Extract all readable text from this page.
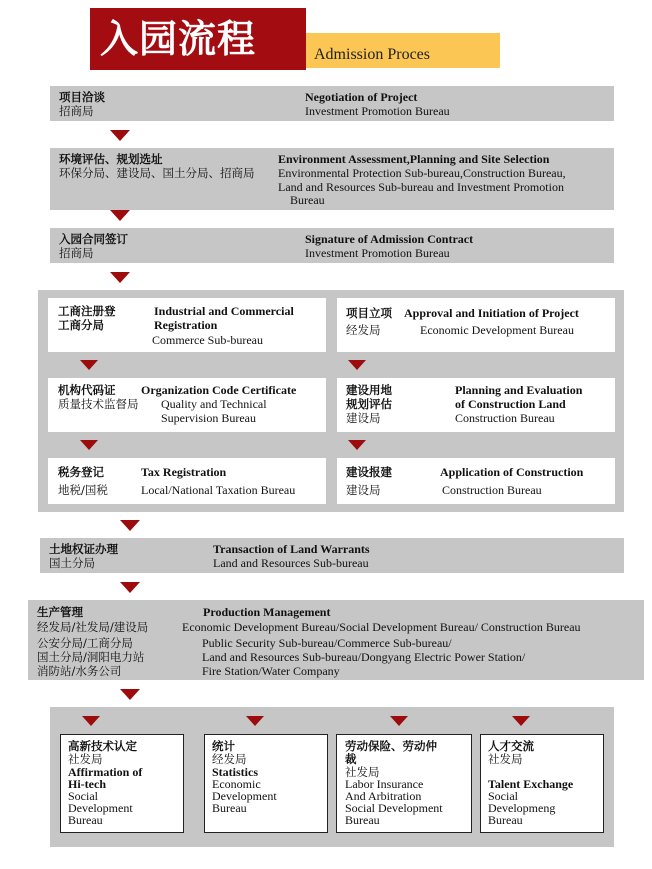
入园流程	Admission Proces
项目洽谈
招商局
Negotiation of Project
Investment Promotion Bureau
环境评估、规划选址
环保分局、建设局、国土分局、招商局
Environment Assessment,Planning and Site Selection
Environmental Protection Sub-bureau,Construction Bureau,
Land and Resources Sub-bureau and Investment Promotion
Bureau
入园合同签订
招商局
Signature of Admission Contract
Investment Promotion Bureau
工商注册登
工商分局
Industrial and Commercial
Registration
Commerce Sub-bureau
项目立项
经发局
Approval and Initiation of Project
Economic Development Bureau
机构代码证
质量技术监督局
Organization Code Certificate
Quality and Technical
Supervision Bureau
建设用地
规划评估
建设局
Planning and Evaluation
of Construction Land
Construction Bureau
税务登记
地税/国税
Tax Registration
Local/National Taxation Bureau
建设报建
建设局
Application of Construction
Construction Bureau
土地权证办理
国土分局
Transaction of Land Warrants
Land and Resources Sub-bureau
生产管理	Production Management
经发局/社发局/建设局	Economic Development Bureau/Social Development Bureau/ Construction Bureau
公安分局/工商分局	Public Security Sub-bureau/Commerce Sub-bureau/
国土分局/洞阳电力站	Land and Resources Sub-bureau/Dongyang Electric Power Station/
消防站/水务公司	Fire Station/Water Company
高新技术认定
社发局
Affirmation of
Hi-tech
Social
Development
Bureau
统计
经发局
Statistics
Economic
Development
Bureau
劳动保险、劳动仲
裁
社发局
Labor Insurance
And Arbitration
Social Development
Bureau
人才交流
社发局
Talent Exchange
Social
Developmeng
Bureau
